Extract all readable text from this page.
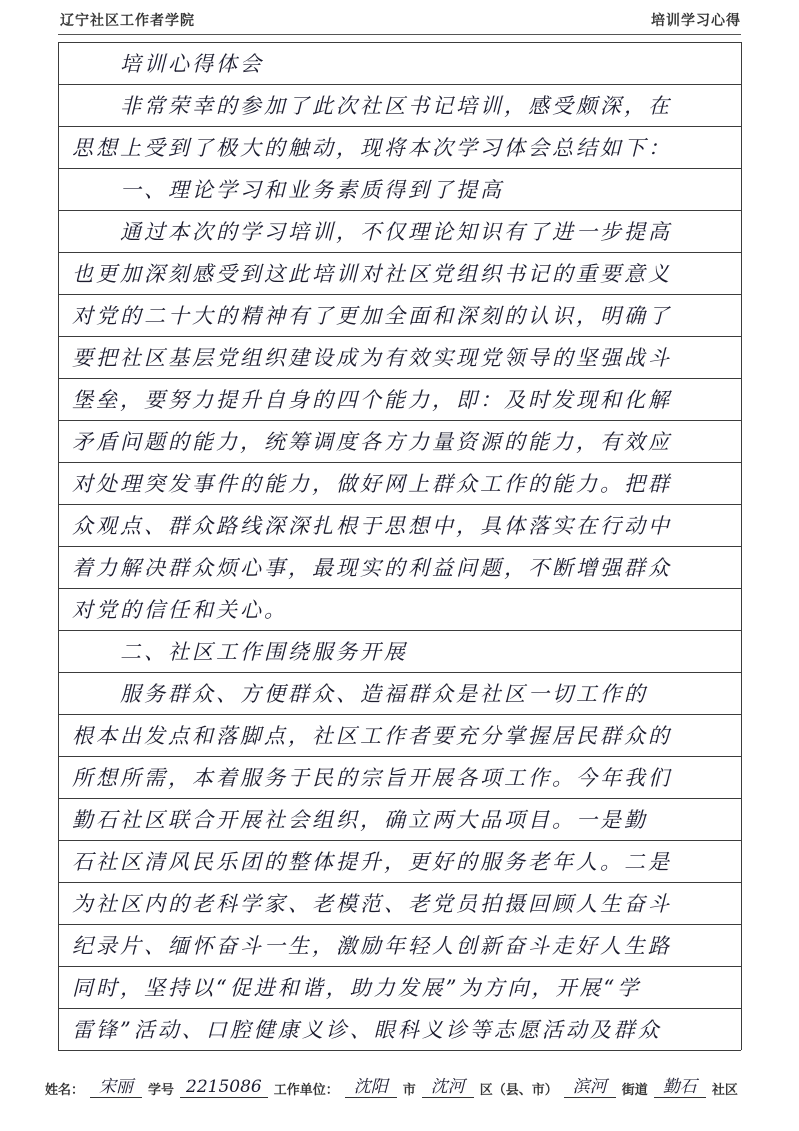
辽宁社区工作者学院	培训学习心得
　　培训心得体会
　　非常荣幸的参加了此次社区书记培训，感受颇深，在
思想上受到了极大的触动，现将本次学习体会总结如下：
　　一、理论学习和业务素质得到了提高
　　通过本次的学习培训，不仅理论知识有了进一步提高
也更加深刻感受到这此培训对社区党组织书记的重要意义
对党的二十大的精神有了更加全面和深刻的认识，明确了
要把社区基层党组织建设成为有效实现党领导的坚强战斗
堡垒，要努力提升自身的四个能力，即：及时发现和化解
矛盾问题的能力，统筹调度各方力量资源的能力，有效应
对处理突发事件的能力，做好网上群众工作的能力。把群
众观点、群众路线深深扎根于思想中，具体落实在行动中
着力解决群众烦心事，最现实的利益问题，不断增强群众
对党的信任和关心。
　　二、社区工作围绕服务开展
　　服务群众、方便群众、造福群众是社区一切工作的
根本出发点和落脚点，社区工作者要充分掌握居民群众的
所想所需，本着服务于民的宗旨开展各项工作。今年我们
勤石社区联合开展社会组织，确立两大品项目。一是勤
石社区清风民乐团的整体提升，更好的服务老年人。二是
为社区内的老科学家、老模范、老党员拍摄回顾人生奋斗
纪录片、缅怀奋斗一生，激励年轻人创新奋斗走好人生路
同时，坚持以“促进和谐，助力发展”为方向，开展“学
雷锋”活动、口腔健康义诊、眼科义诊等志愿活动及群众
姓名： 宋丽	学号 2215086 工作单位： 沈阳	市 沈河	区（县、市） 滨河	街道 勤石	社区
